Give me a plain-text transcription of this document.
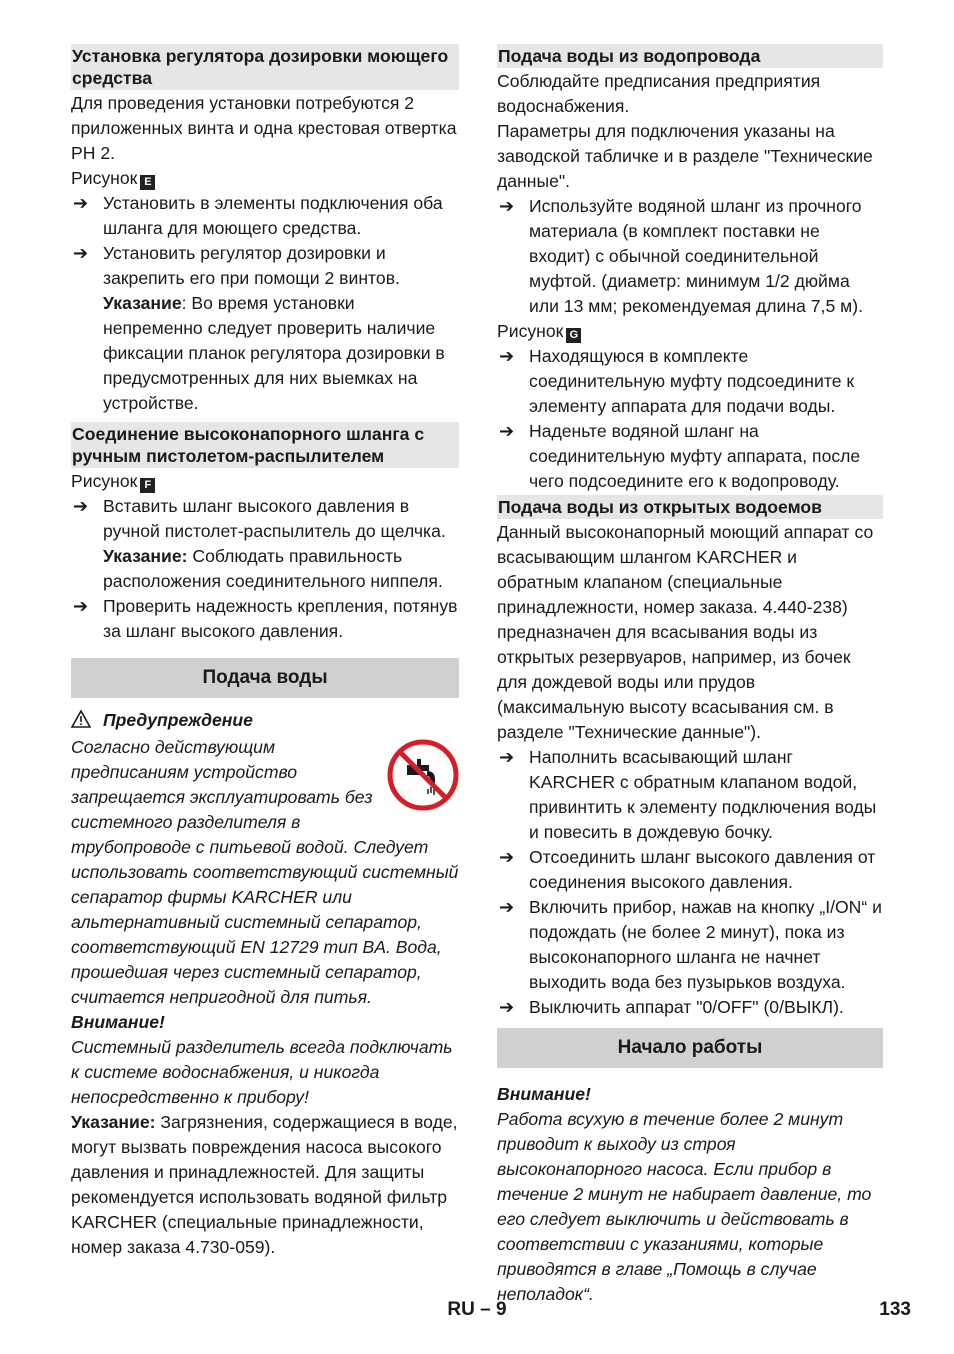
Установка регулятора дозировки моющего средства

Для проведения установки потребуются 2 приложенных винта и одна крестовая отвертка PH 2.

Рисунок E

➔ Установить в элементы подключения оба шланга для моющего средства.
➔ Установить регулятор дозировки и закрепить его при помощи 2 винтов.
Указание: Во время установки непременно следует проверить наличие фиксации планок регулятора дозировки в предусмотренных для них выемках на устройстве.
Соединение высоконапорного шланга с ручным пистолетом-распылителем

Рисунок F

➔ Вставить шланг высокого давления в ручной пистолет-распылитель до щелчка.
Указание: Соблюдать правильность расположения соединительного ниппеля.
➔ Проверить надежность крепления, потянув за шланг высокого давления.
Подача воды

Предупреждение

Согласно действующим предписаниям устройство запрещается эксплуатировать без системного разделителя в трубопроводе с питьевой водой. Следует использовать соответствующий системный сепаратор фирмы KARCHER или альтернативный системный сепаратор, соответствующий EN 12729 тип BA. Вода, прошедшая через системный сепаратор, считается непригодной для питья.

Внимание!

Системный разделитель всегда подключать к системе водоснабжения, и никогда непосредственно к прибору!

Указание: Загрязнения, содержащиеся в воде, могут вызвать повреждения насоса высокого давления и принадлежностей. Для защиты рекомендуется использовать водяной фильтр KARCHER (специальные принадлежности, номер заказа 4.730-059).

Подача воды из водопровода

Соблюдайте предписания предприятия водоснабжения.

Параметры для подключения указаны на заводской табличке и в разделе "Технические данные".

➔ Используйте водяной шланг из прочного материала (в комплект поставки не входит) с обычной соединительной муфтой. (диаметр: минимум 1/2 дюйма или 13 мм; рекомендуемая длина 7,5 м).

Рисунок G

➔ Находящуюся в комплекте соединительную муфту подсоедините к элементу аппарата для подачи воды.
➔ Наденьте водяной шланг на соединительную муфту аппарата, после чего подсоедините его к водопроводу.
Подача воды из открытых водоемов

Данный высоконапорный моющий аппарат со всасывающим шлангом KARCHER и обратным клапаном (специальные принадлежности, номер заказа. 4.440-238) предназначен для всасывания воды из открытых резервуаров, например, из бочек для дождевой воды или прудов (максимальную высоту всасывания см. в разделе "Технические данные").

➔ Наполнить всасывающий шланг KARCHER с обратным клапаном водой, привинтить к элементу подключения воды и повесить в дождевую бочку.
➔ Отсоединить шланг высокого давления от соединения высокого давления.
➔ Включить прибор, нажав на кнопку „I/ON“ и подождать (не более 2 минут), пока из высоконапорного шланга не начнет выходить вода без пузырьков воздуха.
➔ Выключить аппарат "0/OFF" (0/ВЫКЛ).
Начало работы

Внимание!

Работа всухую в течение более 2 минут приводит к выходу из строя высоконапорного насоса. Если прибор в течение 2 минут не набирает давление, то его следует выключить и действовать в соответствии с указаниями, которые приводятся в главе „Помощь в случае неполадок“.

RU – 9	133
